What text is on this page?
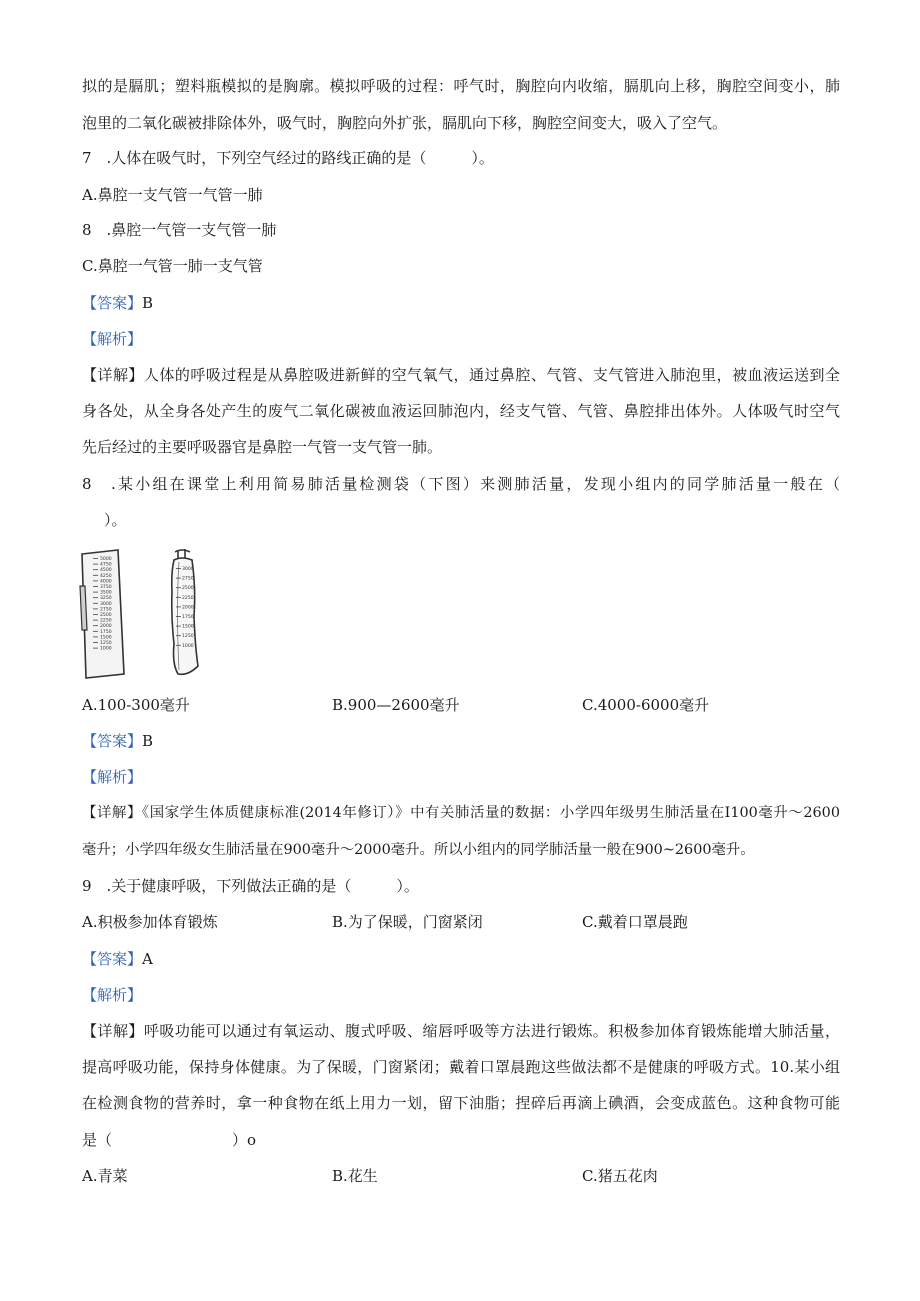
拟的是膈肌；塑料瓶模拟的是胸廓。模拟呼吸的过程：呼气时，胸腔向内收缩，膈肌向上移，胸腔空间变小，肺
泡里的二氧化碳被排除体外，吸气时，胸腔向外扩张，膈肌向下移，胸腔空间变大，吸入了空气。
7　.人体在吸气时，下列空气经过的路线正确的是（　　　）。
A.鼻腔一支气管一气管一肺
8　.鼻腔一气管一支气管一肺
C.鼻腔一气管一肺一支气管
【答案】B
【解析】
【详解】人体的呼吸过程是从鼻腔吸进新鲜的空气氧气，通过鼻腔、气管、支气管进入肺泡里，被血液运送到全
身各处，从全身各处产生的废气二氧化碳被血液运回肺泡内，经支气管、气管、鼻腔排出体外。人体吸气时空气
先后经过的主要呼吸器官是鼻腔一气管一支气管一肺。
8　.某小组在课堂上利用简易肺活量检测袋（下图）来测肺活量，发现小组内的同学肺活量一般在（
）。
5000
4750
4500
4250
4000
3750
3500
3250
3000
2750
2500
2250
2000
1750
1500
1250
1000
3000
2750
2500
2250
2000
1750
1500
1250
1000
A.100-300毫升	B.900—2600毫升	C.4000-6000毫升
【答案】B
【解析】
【详解】《国家学生体质健康标准(2014年修订）》中有关肺活量的数据：小学四年级男生肺活量在I100毫升～2600
毫升；小学四年级女生肺活量在900毫升～2000毫升。所以小组内的同学肺活量一般在900~2600毫升。
9　.关于健康呼吸，下列做法正确的是（　　　）。
A.积极参加体育锻炼	B.为了保暖，门窗紧闭	C.戴着口罩晨跑
【答案】A
【解析】
【详解】呼吸功能可以通过有氧运动、腹式呼吸、缩唇呼吸等方法进行锻炼。积极参加体育锻炼能增大肺活量，
提高呼吸功能，保持身体健康。为了保暖，门窗紧闭；戴着口罩晨跑这些做法都不是健康的呼吸方式。10.某小组
在检测食物的营养时，拿一种食物在纸上用力一划，留下油脂；捏碎后再滴上碘酒，会变成蓝色。这种食物可能
是（　　　　　　　　）o
A.青菜	B.花生	C.猪五花肉
